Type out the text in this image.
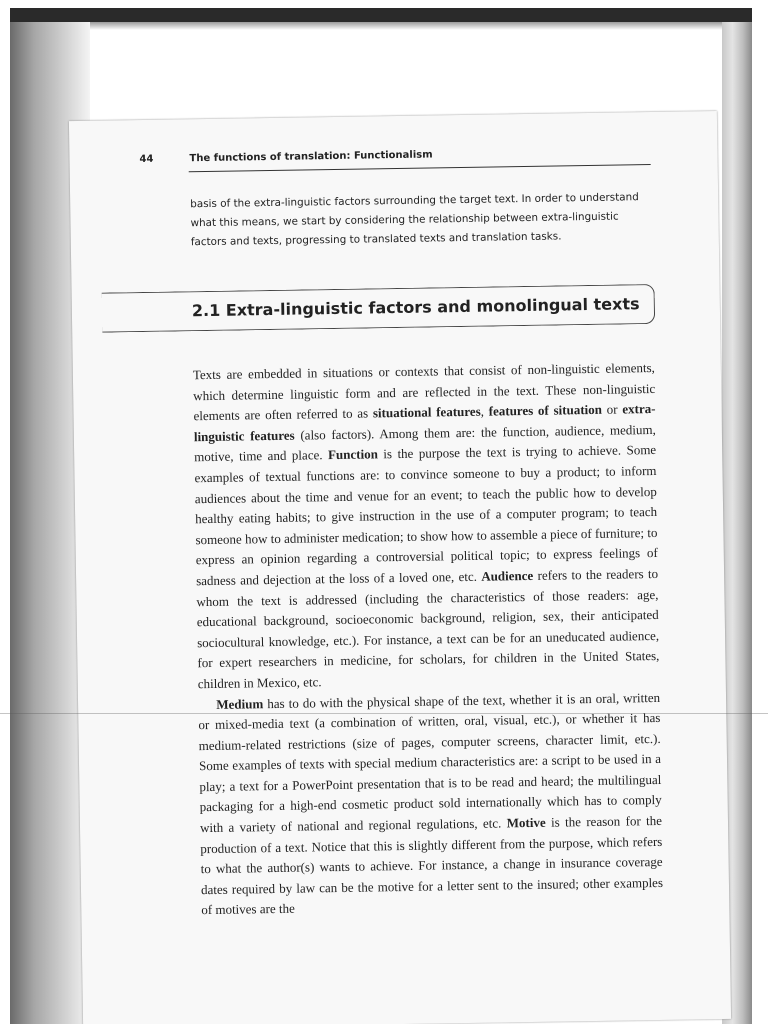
44	The functions of translation: Functionalism

basis of the extra-linguistic factors surrounding the target text. In order to understand what this means, we start by considering the relationship between extra-linguistic factors and texts, progressing to translated texts and translation tasks.

2.1 Extra-linguistic factors and monolingual texts

Texts are embedded in situations or contexts that consist of non-linguistic elements, which determine linguistic form and are reflected in the text. These non-linguistic elements are often referred to as situational features, features of situation or extra-linguistic features (also factors). Among them are: the function, audience, medium, motive, time and place. Function is the purpose the text is trying to achieve. Some examples of textual functions are: to convince someone to buy a product; to inform audiences about the time and venue for an event; to teach the public how to develop healthy eating habits; to give instruction in the use of a computer program; to teach someone how to administer medication; to show how to assemble a piece of furniture; to express an opinion regarding a controversial political topic; to express feelings of sadness and dejection at the loss of a loved one, etc. Audience refers to the readers to whom the text is addressed (including the characteristics of those readers: age, educational background, socioeconomic background, religion, sex, their anticipated sociocultural knowledge, etc.). For instance, a text can be for an uneducated audience, for expert researchers in medicine, for scholars, for children in the United States, children in Mexico, etc.

Medium has to do with the physical shape of the text, whether it is an oral, written or mixed-media text (a combination of written, oral, visual, etc.), or whether it has medium-related restrictions (size of pages, computer screens, character limit, etc.). Some examples of texts with special medium characteristics are: a script to be used in a play; a text for a PowerPoint presentation that is to be read and heard; the multilingual packaging for a high-end cosmetic product sold internationally which has to comply with a variety of national and regional regulations, etc. Motive is the reason for the production of a text. Notice that this is slightly different from the purpose, which refers to what the author(s) wants to achieve. For instance, a change in insurance coverage dates required by law can be the motive for a letter sent to the insured; other examples of motives are the
